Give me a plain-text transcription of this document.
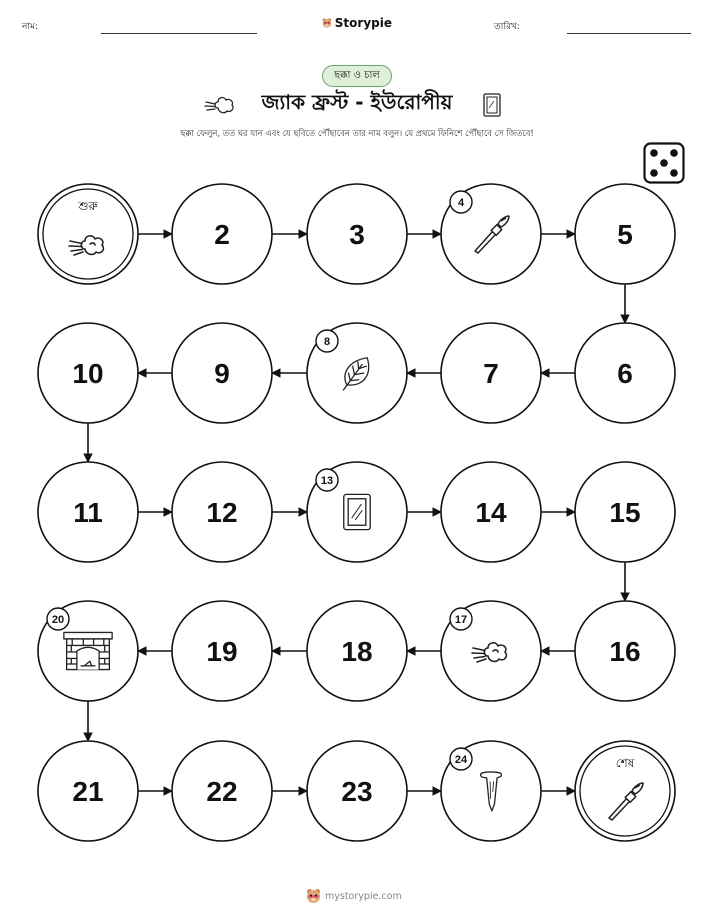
নাম:	Storypie	তারিখ:
ছক্কা ও চাল
জ্যাক ফ্রস্ট - ইউরোপীয়
ছক্কা ফেলুন, তত ঘর যান এবং যে ছবিতে পৌঁছাবেন তার নাম বলুন। যে প্রথমে ফিনিশে পৌঁছাবে সে জিতবে!
শুরু
2	3
4
5
6
7
8
9
10
11	12
13
14	15
16
17
18
19
20
21	22	23
24	শেষ
mystorypie.com
